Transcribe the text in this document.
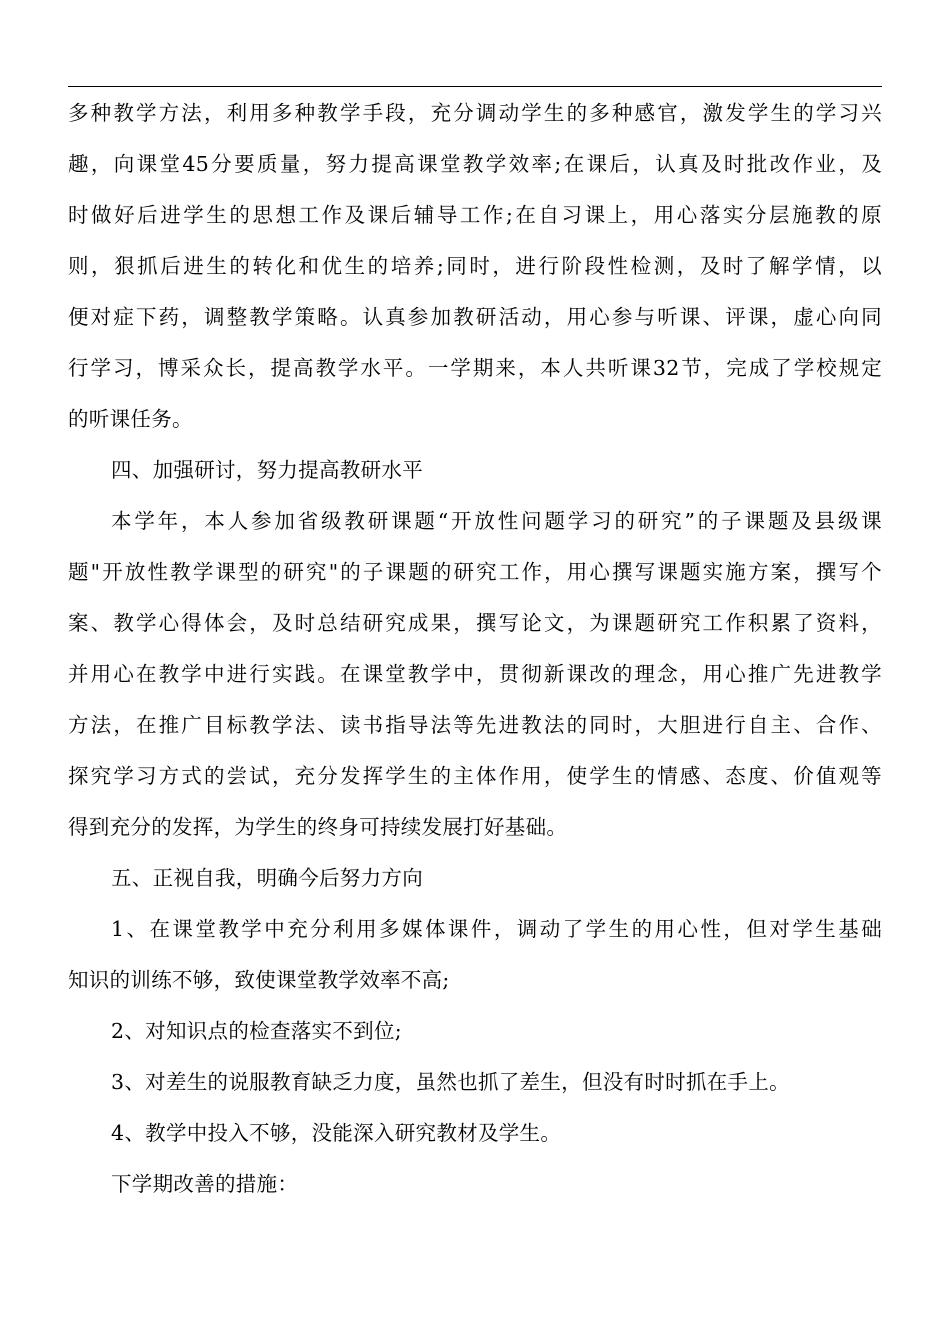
多种教学方法，利用多种教学手段，充分调动学生的多种感官，激发学生的学习兴
趣，向课堂45分要质量，努力提高课堂教学效率;在课后，认真及时批改作业，及
时做好后进学生的思想工作及课后辅导工作;在自习课上，用心落实分层施教的原
则，狠抓后进生的转化和优生的培养;同时，进行阶段性检测，及时了解学情，以
便对症下药，调整教学策略。认真参加教研活动，用心参与听课、评课，虚心向同
行学习，博采众长，提高教学水平。一学期来，本人共听课32节，完成了学校规定
的听课任务。
四、加强研讨，努力提高教研水平
本学年，本人参加省级教研课题“开放性问题学习的研究”的子课题及县级课
题"开放性教学课型的研究"的子课题的研究工作，用心撰写课题实施方案，撰写个
案、教学心得体会，及时总结研究成果，撰写论文，为课题研究工作积累了资料，
并用心在教学中进行实践。在课堂教学中，贯彻新课改的理念，用心推广先进教学
方法，在推广目标教学法、读书指导法等先进教法的同时，大胆进行自主、合作、
探究学习方式的尝试，充分发挥学生的主体作用，使学生的情感、态度、价值观等
得到充分的发挥，为学生的终身可持续发展打好基础。
五、正视自我，明确今后努力方向
1、在课堂教学中充分利用多媒体课件，调动了学生的用心性，但对学生基础
知识的训练不够，致使课堂教学效率不高;
2、对知识点的检查落实不到位;
3、对差生的说服教育缺乏力度，虽然也抓了差生，但没有时时抓在手上。
4、教学中投入不够，没能深入研究教材及学生。
下学期改善的措施：
